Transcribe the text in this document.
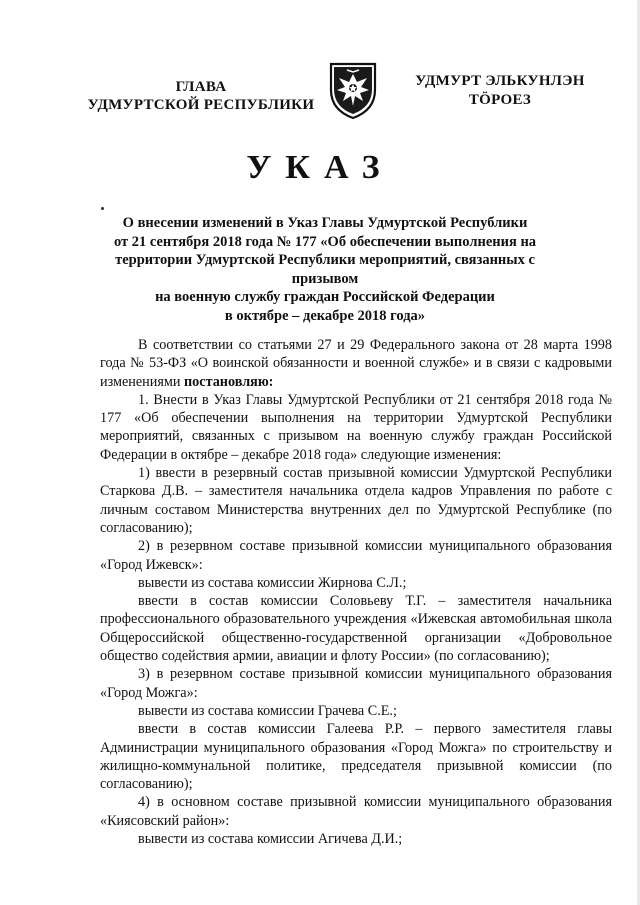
ГЛАВА
УДМУРТСКОЙ РЕСПУБЛИКИ
УДМУРТ ЭЛЬКУНЛЭН
ТӦРОЕЗ
УКАЗ
О внесении изменений в Указ Главы Удмуртской Республики
от 21 сентября 2018 года № 177 «Об обеспечении выполнения на
территории Удмуртской Республики мероприятий, связанных с призывом
на военную службу граждан Российской Федерации
в октябре – декабре 2018 года»

В соответствии со статьями 27 и 29 Федерального закона от 28 марта 1998 года № 53-ФЗ «О воинской обязанности и военной службе» и в связи с кадровыми изменениями постановляю:

1. Внести в Указ Главы Удмуртской Республики от 21 сентября 2018 года № 177 «Об обеспечении выполнения на территории Удмуртской Республики мероприятий, связанных с призывом на военную службу граждан Российской Федерации в октябре – декабре 2018 года» следующие изменения:

1) ввести в резервный состав призывной комиссии Удмуртской Республики Старкова Д.В. – заместителя начальника отдела кадров Управления по работе с личным составом Министерства внутренних дел по Удмуртской Республике (по согласованию);

2) в резервном составе призывной комиссии муниципального образования «Город Ижевск»:

вывести из состава комиссии Жирнова С.Л.;

ввести в состав комиссии Соловьеву Т.Г. – заместителя начальника профессионального образовательного учреждения «Ижевская автомобильная школа Общероссийской общественно-государственной организации «Добровольное общество содействия армии, авиации и флоту России» (по согласованию);

3) в резервном составе призывной комиссии муниципального образования «Город Можга»:

вывести из состава комиссии Грачева С.Е.;

ввести в состав комиссии Галеева Р.Р. – первого заместителя главы Администрации муниципального образования «Город Можга» по строительству и жилищно-коммунальной политике, председателя призывной комиссии (по согласованию);

4) в основном составе призывной комиссии муниципального образования «Киясовский район»:

вывести из состава комиссии Агичева Д.И.;
